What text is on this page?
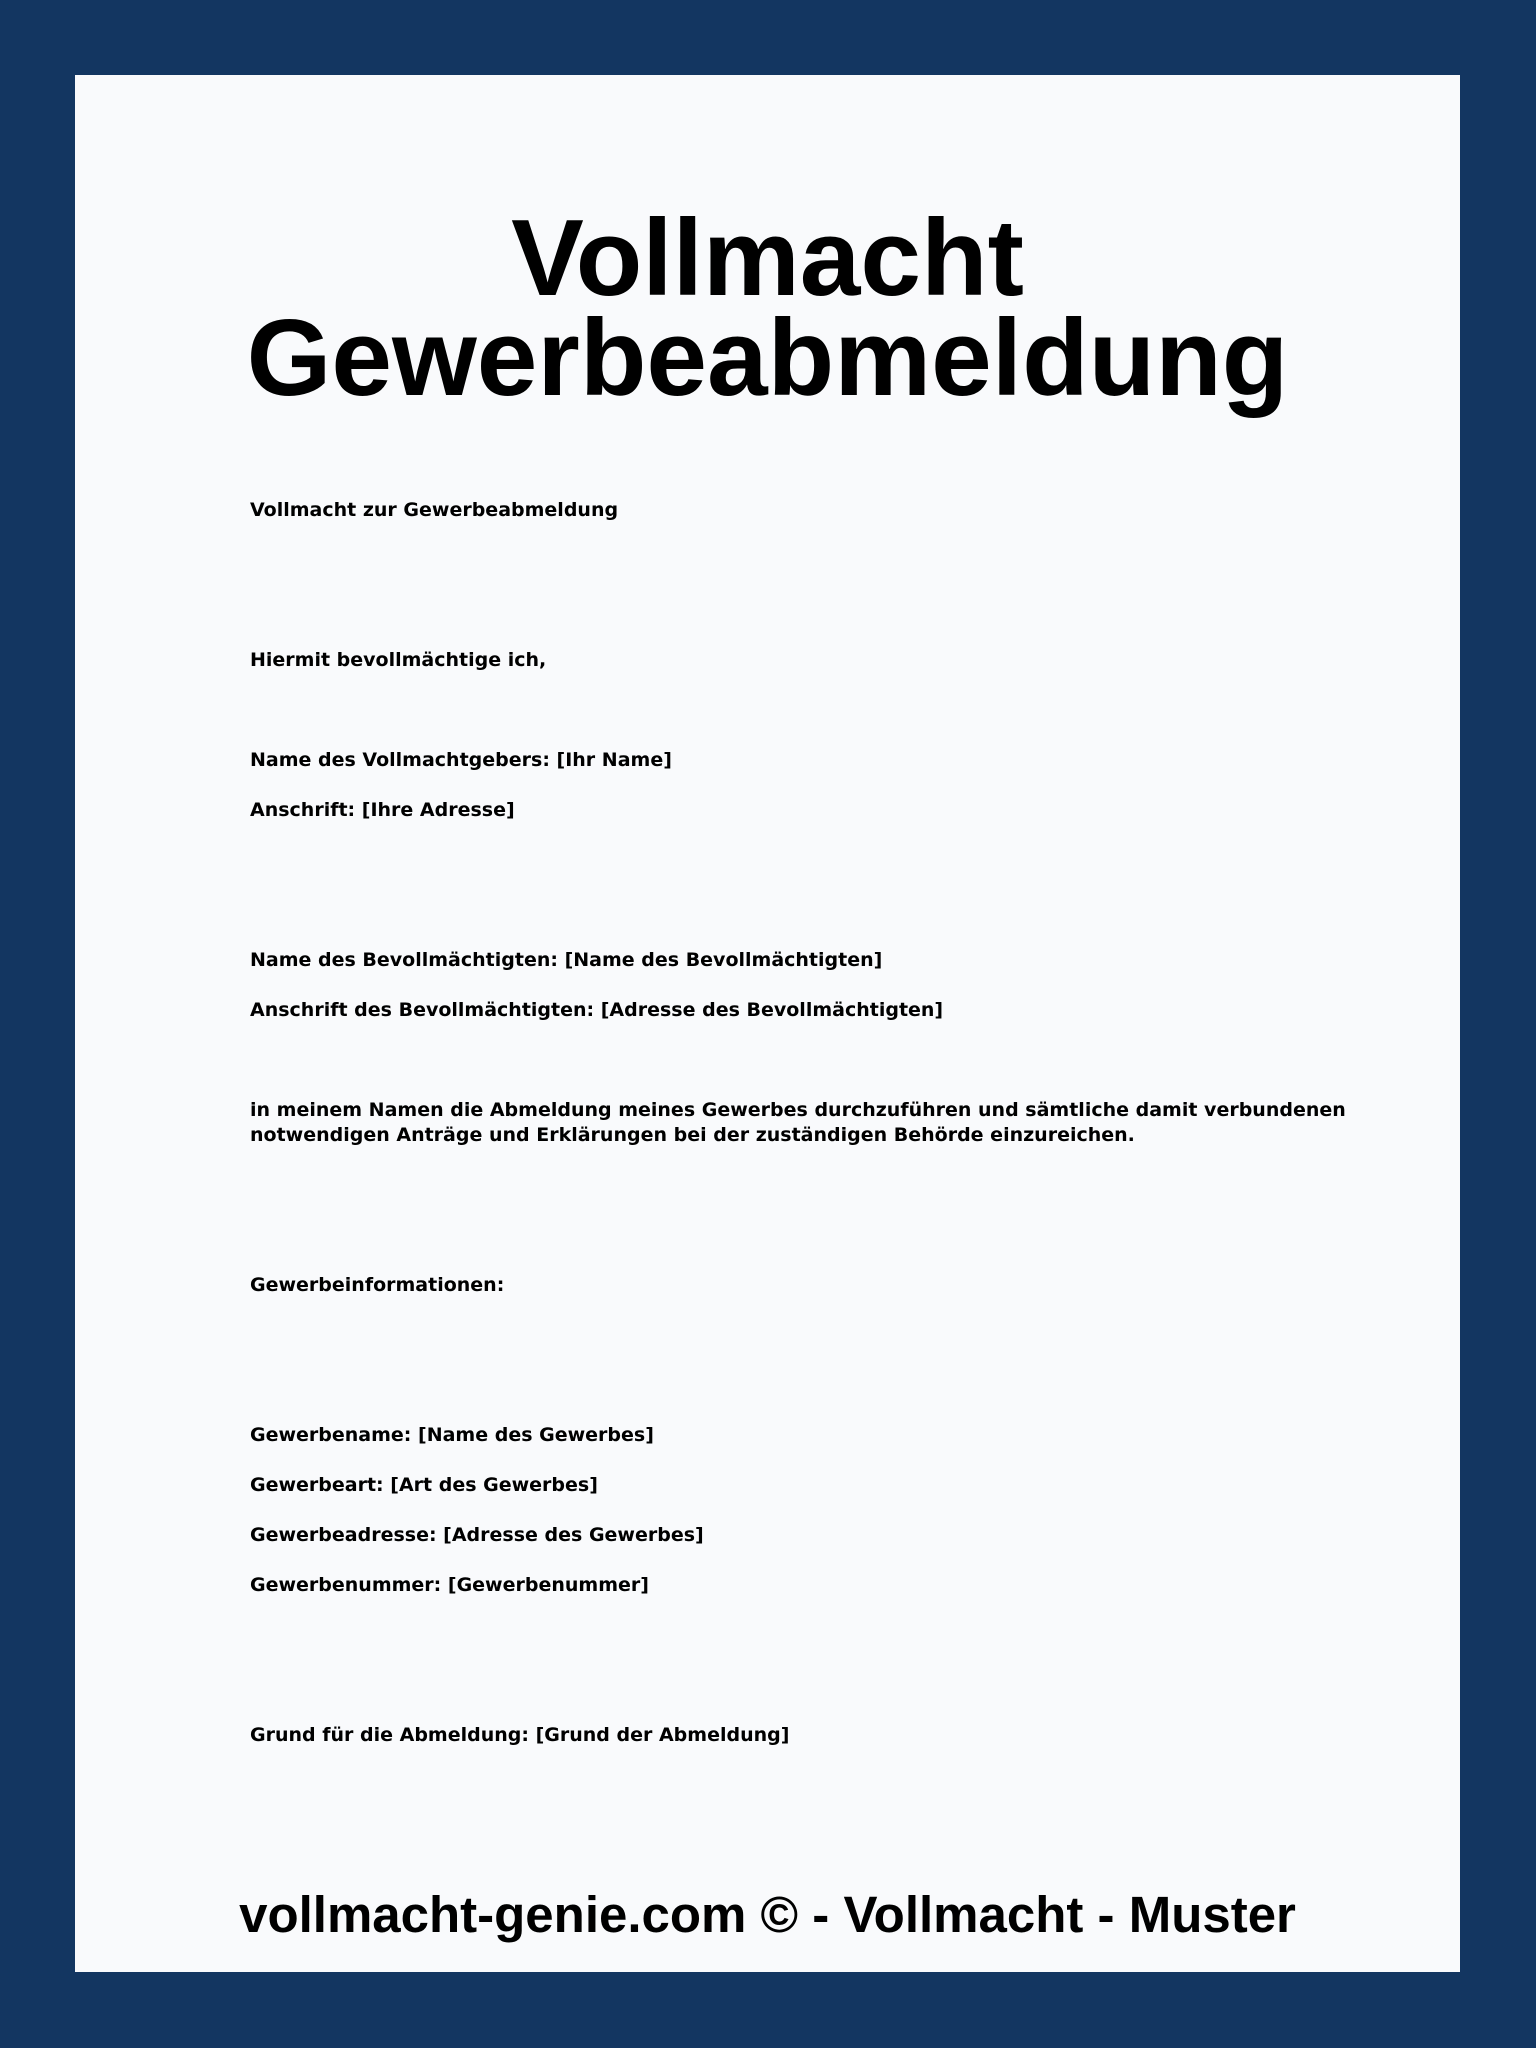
Vollmacht
Gewerbeabmeldung

Vollmacht zur Gewerbeabmeldung

Hiermit bevollmächtige ich,

Name des Vollmachtgebers: [Ihr Name]

Anschrift: [Ihre Adresse]

Name des Bevollmächtigten: [Name des Bevollmächtigten]

Anschrift des Bevollmächtigten: [Adresse des Bevollmächtigten]

in meinem Namen die Abmeldung meines Gewerbes durchzuführen und sämtliche damit verbundenen

notwendigen Anträge und Erklärungen bei der zuständigen Behörde einzureichen.

Gewerbeinformationen:

Gewerbename: [Name des Gewerbes]

Gewerbeart: [Art des Gewerbes]

Gewerbeadresse: [Adresse des Gewerbes]

Gewerbenummer: [Gewerbenummer]

Grund für die Abmeldung: [Grund der Abmeldung]

vollmacht-genie.com © - Vollmacht - Muster
